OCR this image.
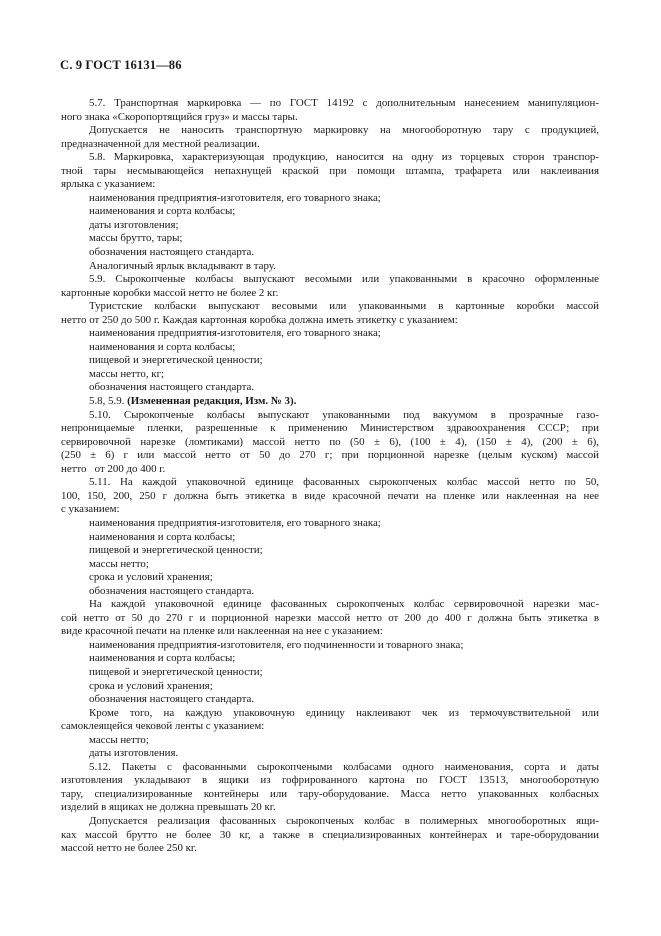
С. 9 ГОСТ 16131—86

5.7. Транспортная маркировка — по ГОСТ 14192 с дополнительным нанесением манипуляцион-

ного знака «Скоропортящийся груз» и массы тары.

Допускается не наносить транспортную маркировку на многооборотную тару с продукцией,

предназначенной для местной реализации.

5.8. Маркировка, характеризующая продукцию, наносится на одну из торцевых сторон транспор-

тной тары несмывающейся непахнущей краской при помощи штампа, трафарета или наклеивания

ярлыка с указанием:

наименования предприятия-изготовителя, его товарного знака;

наименования и сорта колбасы;

даты изготовления;

массы брутто, тары;

обозначения настоящего стандарта.

Аналогичный ярлык вкладывают в тару.

5.9. Сырокопченые колбасы выпускают весомыми или упакованными в красочно оформленные

картонные коробки массой нетто не более 2 кг.

Туристские колбаски выпускают весовыми или упакованными в картонные коробки массой

нетто от 250 до 500 г. Каждая картонная коробка должна иметь этикетку с указанием:

наименования предприятия-изготовителя, его товарного знака;

наименования и сорта колбасы;

пищевой и энергетической ценности;

массы нетто, кг;

обозначения настоящего стандарта.

5.8, 5.9. (Измененная редакция, Изм. № 3).

5.10. Сырокопченые колбасы выпускают упакованными под вакуумом в прозрачные газо-

непроницаемые пленки, разрешенные к применению Министерством здравоохранения СССР; при

сервировочной нарезке (ломтиками) массой нетто по (50 ± 6), (100 ± 4), (150 ± 4), (200 ± 6),

(250 ± 6) г или массой нетто от 50 до 270 г; при порционной нарезке (целым куском) массой

нетто   от 200 до 400 г.

5.11. На каждой упаковочной единице фасованных сырокопченых колбас массой нетто по 50,

100, 150, 200, 250 г должна быть этикетка в виде красочной печати на пленке или наклеенная на нее

с указанием:

наименования предприятия-изготовителя, его товарного знака;

наименования и сорта колбасы;

пищевой и энергетической ценности;

массы нетто;

срока и условий хранения;

обозначения настоящего стандарта.

На каждой упаковочной единице фасованных сырокопченых колбас сервировочной нарезки мас-

сой нетто от 50 до 270 г и порционной нарезки массой нетто от 200 до 400 г должна быть этикетка в

виде красочной печати на пленке или наклеенная на нее с указанием:

наименования предприятия-изготовителя, его подчиненности и товарного знака;

наименования и сорта колбасы;

пищевой и энергетической ценности;

срока и условий хранения;

обозначения настоящего стандарта.

Кроме того, на каждую упаковочную единицу наклеивают чек из термочувствительной или

самоклеящейся чековой ленты с указанием:

массы нетто;

даты изготовления.

5.12. Пакеты с фасованными сырокопчеными колбасами одного наименования, сорта и даты

изготовления укладывают в ящики из гофрированного картона по ГОСТ 13513, многооборотную

тару, специализированные контейнеры или тару-оборудование. Масса нетто упакованных колбасных

изделий в ящиках не должна превышать 20 кг.

Допускается реализация фасованных сырокопченых колбас в полимерных многооборотных ящи-

ках массой брутто не более 30 кг, а также в специализированных контейнерах и таре-оборудовании

массой нетто не более 250 кг.
